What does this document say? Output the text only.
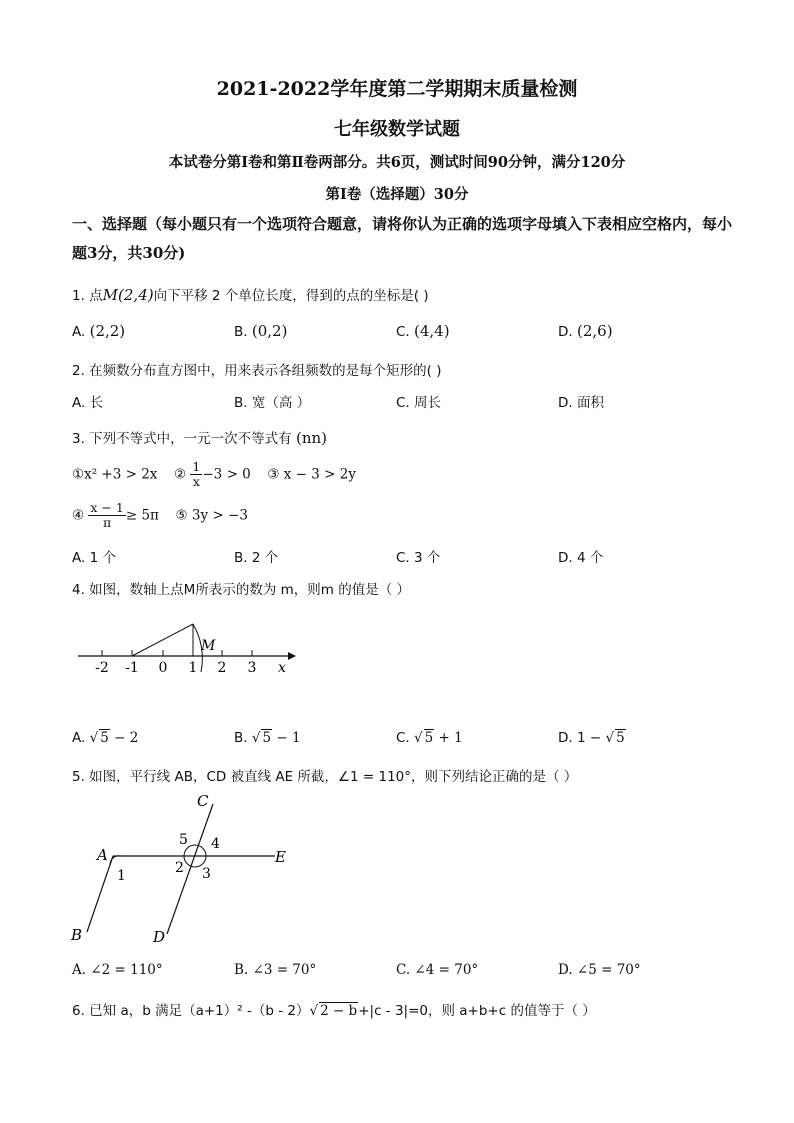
2021-2022学年度第二学期期末质量检测
七年级数学试题
本试卷分第Ⅰ卷和第Ⅱ卷两部分。共6页，测试时间90分钟，满分120分
第Ⅰ卷（选择题）30分
一、选择题（每小题只有一个选项符合题意，请将你认为正确的选项字母填入下表相应空格内，每小题3分，共30分)
1. 点M(2,4)向下平移 2 个单位长度，得到的点的坐标是( )
A. (2,2)	B. (0,2)	C. (4,4)	D. (2,6)
2. 在频数分布直方图中，用来表示各组频数的是每个矩形的( )
A. 长	B. 宽（高 ）	C. 周长	D. 面积
3. 下列不等式中，一元一次不等式有 (nn)
①x² +3 > 2x ② $\frac{1}{x} -3 > 0$ ③ x − 3 > 2y
④ $\frac{x - 1}{\pi} \ge 5\pi$ ⑤ 3y > −3
A. 1 个	B. 2 个	C. 3 个	D. 4 个
4. 如图，数轴上点M所表示的数为 m，则m 的值是（ ）
-2 -1 0 1 2 3 x
M
A. √ 5 − 2	B. √ 5 − 1	C. √ 5 + 1	D. 1 − √ 5
5. 如图，平行线 AB，CD 被直线 AE 所截，∠1 = 110°，则下列结论正确的是（ ）
A
B
C
D
E
1	2 3
4
5
A. ∠2 = 110°	B. ∠3 = 70°	C. ∠4 = 70°	D. ∠5 = 70°
6. 已知 a，b 满足（a+1）² -（b - 2）√ 2 − b+|c - 3|=0，则 a+b+c 的值等于（ ）
